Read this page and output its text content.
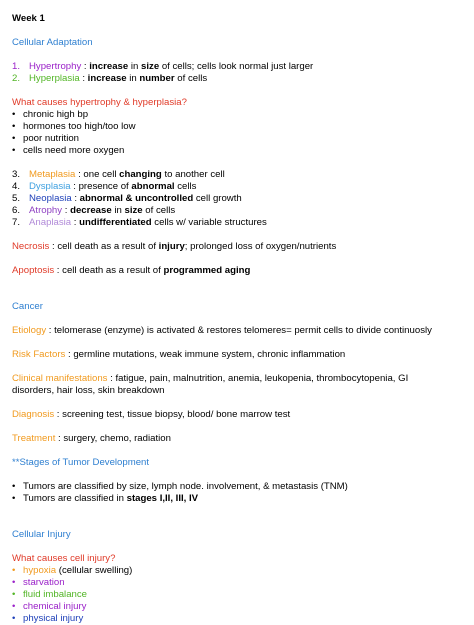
Week 1
Cellular Adaptation
1. Hypertrophy : increase in size of cells; cells look normal just larger
2. Hyperplasia : increase in number of cells
What causes hypertrophy & hyperplasia?
• chronic high bp
• hormones too high/too low
• poor nutrition
• cells need more oxygen
3. Metaplasia : one cell changing to another cell
4. Dysplasia : presence of abnormal cells
5. Neoplasia : abnormal & uncontrolled cell growth
6. Atrophy : decrease in size of cells
7. Anaplasia : undifferentiated cells w/ variable structures
Necrosis : cell death as a result of injury; prolonged loss of oxygen/nutrients
Apoptosis : cell death as a result of programmed aging
Cancer
Etiology : telomerase (enzyme) is activated & restores telomeres= permit cells to divide continuosly
Risk Factors : germline mutations, weak immune system, chronic inflammation
Clinical manifestations : fatigue, pain, malnutrition, anemia, leukopenia, thrombocytopenia, GI
disorders, hair loss, skin breakdown
Diagnosis : screening test, tissue biopsy, blood/ bone marrow test
Treatment : surgery, chemo, radiation
**Stages of Tumor Development
• Tumors are classified by size, lymph node. involvement, & metastasis (TNM)
• Tumors are classified in stages I,II, III, IV
Cellular Injury
What causes cell injury?
• hypoxia (cellular swelling)
• starvation
• fluid imbalance
• chemical injury
• physical injury
